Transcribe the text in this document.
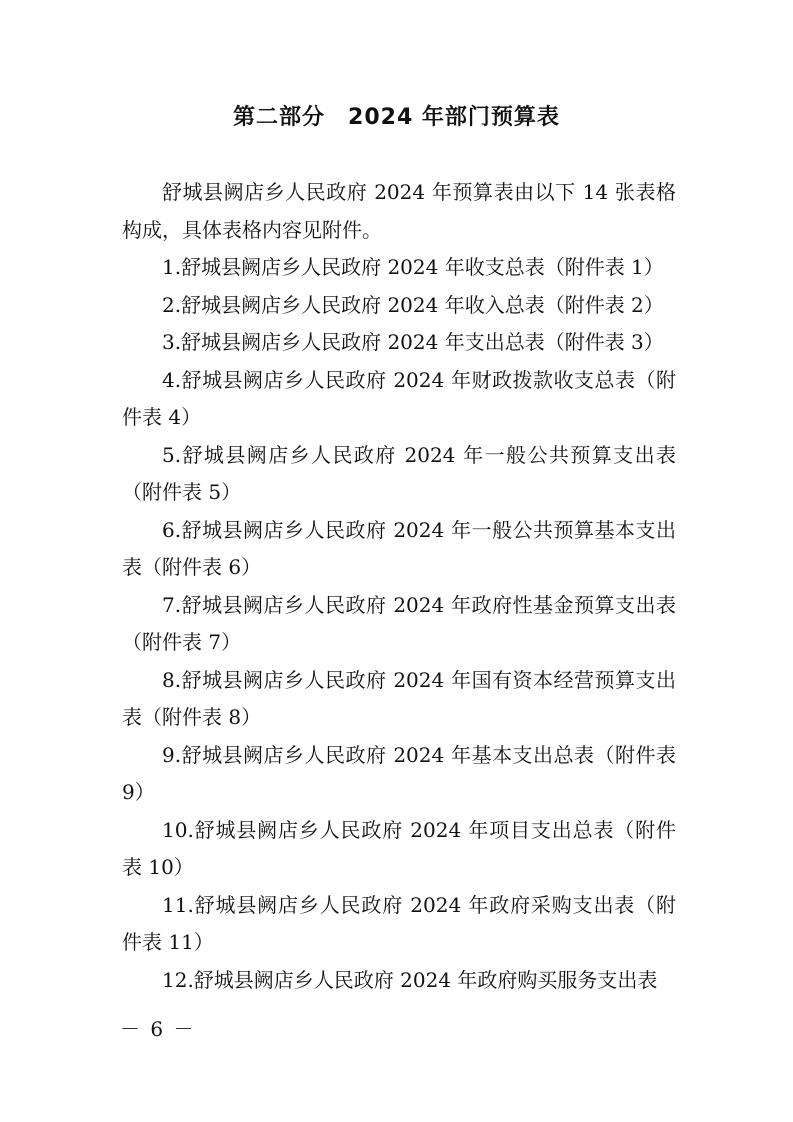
第二部分　2024 年部门预算表

舒城县阙店乡人民政府 2024 年预算表由以下 14 张表格构成，具体表格内容见附件。

1.舒城县阙店乡人民政府 2024 年收支总表（附件表 1）

2.舒城县阙店乡人民政府 2024 年收入总表（附件表 2）

3.舒城县阙店乡人民政府 2024 年支出总表（附件表 3）

4.舒城县阙店乡人民政府 2024 年财政拨款收支总表（附件表 4）

5.舒城县阙店乡人民政府 2024 年一般公共预算支出表（附件表 5）

6.舒城县阙店乡人民政府 2024 年一般公共预算基本支出表（附件表 6）

7.舒城县阙店乡人民政府 2024 年政府性基金预算支出表（附件表 7）

8.舒城县阙店乡人民政府 2024 年国有资本经营预算支出表（附件表 8）

9.舒城县阙店乡人民政府 2024 年基本支出总表（附件表 9）

10.舒城县阙店乡人民政府 2024 年项目支出总表（附件表 10）

11.舒城县阙店乡人民政府 2024 年政府采购支出表（附件表 11）

12.舒城县阙店乡人民政府 2024 年政府购买服务支出表

－ 6 －
